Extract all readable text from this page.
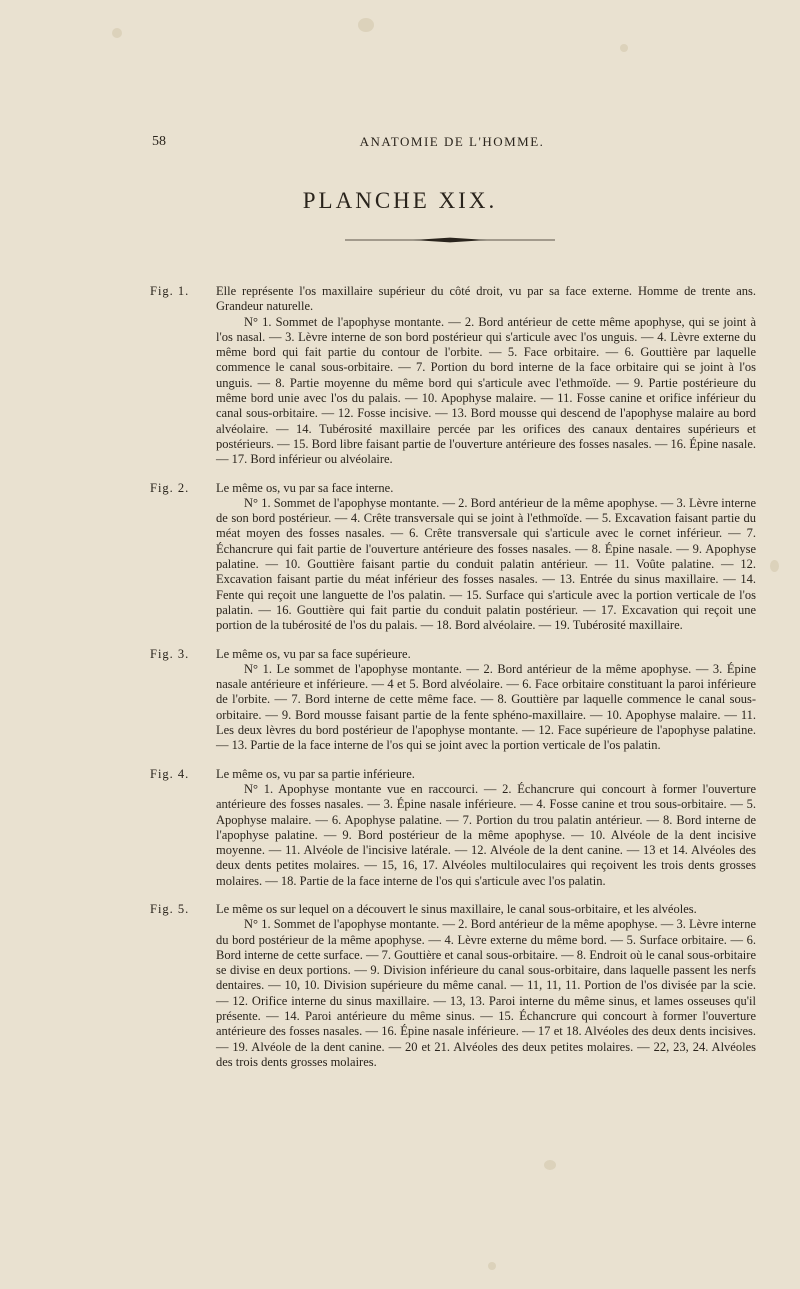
58	ANATOMIE DE L'HOMME.
PLANCHE XIX.
Fig. 1. Elle représente l'os maxillaire supérieur du côté droit, vu par sa face externe. Homme de trente ans. Grandeur naturelle.

N° 1. Sommet de l'apophyse montante. — 2. Bord antérieur de cette même apophyse, qui se joint à l'os nasal. — 3. Lèvre interne de son bord postérieur qui s'articule avec l'os unguis. — 4. Lèvre externe du même bord qui fait partie du contour de l'orbite. — 5. Face orbitaire. — 6. Gouttière par laquelle commence le canal sous-orbitaire. — 7. Portion du bord interne de la face orbitaire qui se joint à l'os unguis. — 8. Partie moyenne du même bord qui s'articule avec l'ethmoïde. — 9. Partie postérieure du même bord unie avec l'os du palais. — 10. Apophyse malaire. — 11. Fosse canine et orifice inférieur du canal sous-orbitaire. — 12. Fosse incisive. — 13. Bord mousse qui descend de l'apophyse malaire au bord alvéolaire. — 14. Tubérosité maxillaire percée par les orifices des canaux dentaires supérieurs et postérieurs. — 15. Bord libre faisant partie de l'ouverture antérieure des fosses nasales. — 16. Épine nasale. — 17. Bord inférieur ou alvéolaire.

Fig. 2. Le même os, vu par sa face interne.

N° 1. Sommet de l'apophyse montante. — 2. Bord antérieur de la même apophyse. — 3. Lèvre interne de son bord postérieur. — 4. Crête transversale qui se joint à l'ethmoïde. — 5. Excavation faisant partie du méat moyen des fosses nasales. — 6. Crête transversale qui s'articule avec le cornet inférieur. — 7. Échancrure qui fait partie de l'ouverture antérieure des fosses nasales. — 8. Épine nasale. — 9. Apophyse palatine. — 10. Gouttière faisant partie du conduit palatin antérieur. — 11. Voûte palatine. — 12. Excavation faisant partie du méat inférieur des fosses nasales. — 13. Entrée du sinus maxillaire. — 14. Fente qui reçoit une languette de l'os palatin. — 15. Surface qui s'articule avec la portion verticale de l'os palatin. — 16. Gouttière qui fait partie du conduit palatin postérieur. — 17. Excavation qui reçoit une portion de la tubérosité de l'os du palais. — 18. Bord alvéolaire. — 19. Tubérosité maxillaire.

Fig. 3. Le même os, vu par sa face supérieure.

N° 1. Le sommet de l'apophyse montante. — 2. Bord antérieur de la même apophyse. — 3. Épine nasale antérieure et inférieure. — 4 et 5. Bord alvéolaire. — 6. Face orbitaire constituant la paroi inférieure de l'orbite. — 7. Bord interne de cette même face. — 8. Gouttière par laquelle commence le canal sous-orbitaire. — 9. Bord mousse faisant partie de la fente sphéno-maxillaire. — 10. Apophyse malaire. — 11. Les deux lèvres du bord postérieur de l'apophyse montante. — 12. Face supérieure de l'apophyse palatine. — 13. Partie de la face interne de l'os qui se joint avec la portion verticale de l'os palatin.

Fig. 4. Le même os, vu par sa partie inférieure.

N° 1. Apophyse montante vue en raccourci. — 2. Échancrure qui concourt à former l'ouverture antérieure des fosses nasales. — 3. Épine nasale inférieure. — 4. Fosse canine et trou sous-orbitaire. — 5. Apophyse malaire. — 6. Apophyse palatine. — 7. Portion du trou palatin antérieur. — 8. Bord interne de l'apophyse palatine. — 9. Bord postérieur de la même apophyse. — 10. Alvéole de la dent incisive moyenne. — 11. Alvéole de l'incisive latérale. — 12. Alvéole de la dent canine. — 13 et 14. Alvéoles des deux dents petites molaires. — 15, 16, 17. Alvéoles multiloculaires qui reçoivent les trois dents grosses molaires. — 18. Partie de la face interne de l'os qui s'articule avec l'os palatin.

Fig. 5. Le même os sur lequel on a découvert le sinus maxillaire, le canal sous-orbitaire, et les alvéoles.

N° 1. Sommet de l'apophyse montante. — 2. Bord antérieur de la même apophyse. — 3. Lèvre interne du bord postérieur de la même apophyse. — 4. Lèvre externe du même bord. — 5. Surface orbitaire. — 6. Bord interne de cette surface. — 7. Gouttière et canal sous-orbitaire. — 8. Endroit où le canal sous-orbitaire se divise en deux portions. — 9. Division inférieure du canal sous-orbitaire, dans laquelle passent les nerfs dentaires. — 10, 10. Division supérieure du même canal. — 11, 11, 11. Portion de l'os divisée par la scie. — 12. Orifice interne du sinus maxillaire. — 13, 13. Paroi interne du même sinus, et lames osseuses qu'il présente. — 14. Paroi antérieure du même sinus. — 15. Échancrure qui concourt à former l'ouverture antérieure des fosses nasales. — 16. Épine nasale inférieure. — 17 et 18. Alvéoles des deux dents incisives. — 19. Alvéole de la dent canine. — 20 et 21. Alvéoles des deux petites molaires. — 22, 23, 24. Alvéoles des trois dents grosses molaires.
